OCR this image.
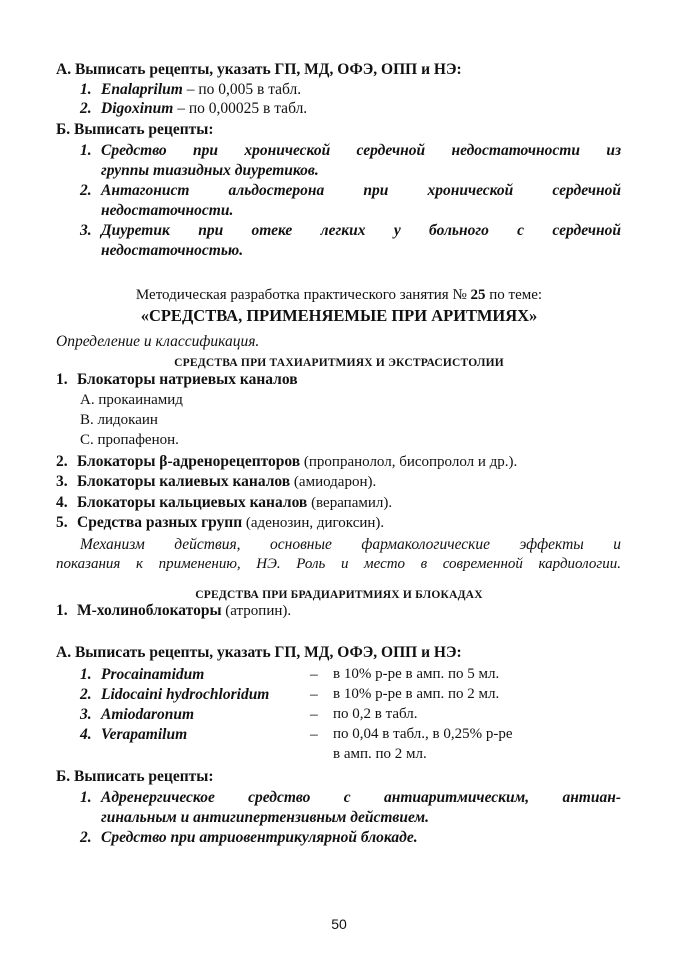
А. Выписать рецепты, указать ГП, МД, ОФЭ, ОПП и НЭ:
1. Enalaprilum – по 0,005 в табл.
2. Digoxinum – по 0,00025 в табл.
Б. Выписать рецепты:
1. Средство при хронической сердечной недостаточности из
группы тиазидных диуретиков.
2. Антагонист альдостерона при хронической сердечной
недостаточности.
3. Диуретик при отеке легких у больного с сердечной
недостаточностью.
Методическая разработка практического занятия № 25 по теме:
«СРЕДСТВА, ПРИМЕНЯЕМЫЕ ПРИ АРИТМИЯХ»
Определение и классификация.
СРЕДСТВА ПРИ ТАХИАРИТМИЯХ И ЭКСТРАСИСТОЛИИ
1. Блокаторы натриевых каналов
А. прокаинамид
В. лидокаин
С. пропафенон.
2. Блокаторы β-адренорецепторов (пропранолол, бисопролол и др.).
3. Блокаторы калиевых каналов (амиодарон).
4. Блокаторы кальциевых каналов (верапамил).
5. Средства разных групп (аденозин, дигоксин).
Механизм действия, основные фармакологические эффекты и
показания к применению, НЭ. Роль и место в современной кардиологии.
СРЕДСТВА ПРИ БРАДИАРИТМИЯХ И БЛОКАДАХ
1. М-холиноблокаторы (атропин).
А. Выписать рецепты, указать ГП, МД, ОФЭ, ОПП и НЭ:
1. Procainamidum	– в 10% р-ре в амп. по 5 мл.
2. Lidocaini hydrochloridum	– в 10% р-ре в амп. по 2 мл.
3. Amiodaronum	– по 0,2 в табл.
4. Verapamilum	– по 0,04 в табл., в 0,25% р-ре
в амп. по 2 мл.
Б. Выписать рецепты:
1. Адренергическое средство с антиаритмическим, антиан-
гинальным и антигипертензивным действием.
2. Средство при атриовентрикулярной блокаде.
50
